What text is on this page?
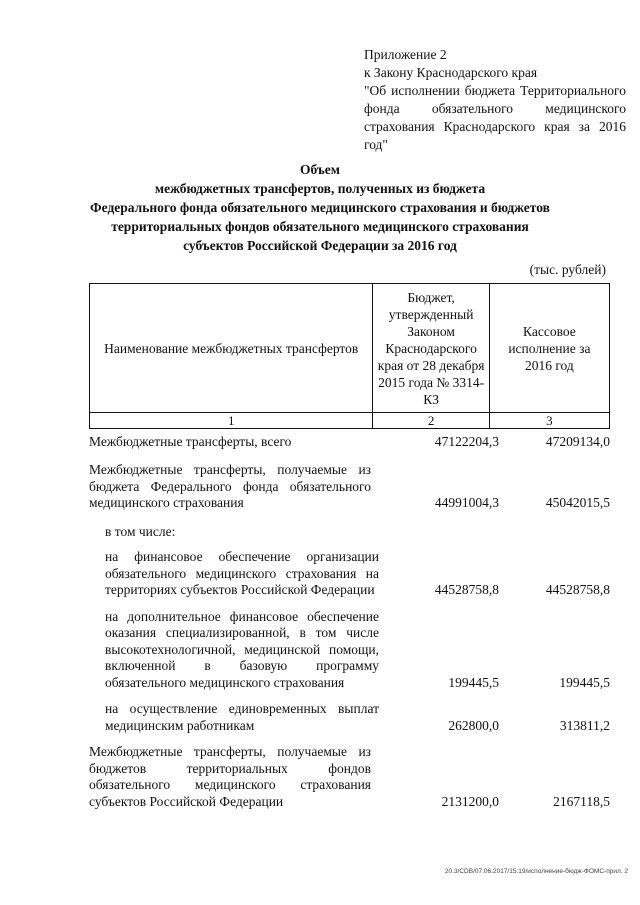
Приложение 2
к Закону Краснодарского края
"Об исполнении бюджета Территориального фонда обязательного медицинского страхования Краснодарского края за 2016 год"
Объем
межбюджетных трансфертов, полученных из бюджета
Федерального фонда обязательного медицинского страхования и бюджетов
территориальных фондов обязательного медицинского страхования
субъектов Российской Федерации за 2016 год
(тыс. рублей)
Наименование межбюджетных трансфертов	Бюджет, утвержденный Законом Краснодарского края от 28 декабря 2015 года № 3314-КЗ	Кассовое исполнение за 2016 год
1	2	3
Межбюджетные трансферты, всего	47122204,3	47209134,0
Межбюджетные трансферты, получаемые из бюджета Федерального фонда обязательного медицинского страхования	44991004,3	45042015,5
в том числе:
на финансовое обеспечение организации обязательного медицинского страхования на территориях субъектов Российской Федерации	44528758,8	44528758,8
на дополнительное финансовое обеспечение оказания специализированной, в том числе высокотехнологичной, медицинской помощи, включенной в базовую программу обязательного медицинского страхования	199445,5	199445,5
на осуществление единовременных выплат медицинским работникам	262800,0	313811,2
Межбюджетные трансферты, получаемые из бюджетов территориальных фондов обязательного медицинского страхования субъектов Российской Федерации	2131200,0	2167118,5
20.3/CDB/07.06.2017/15:19/исполнение-бюдж-ФОМС-прил. 2
